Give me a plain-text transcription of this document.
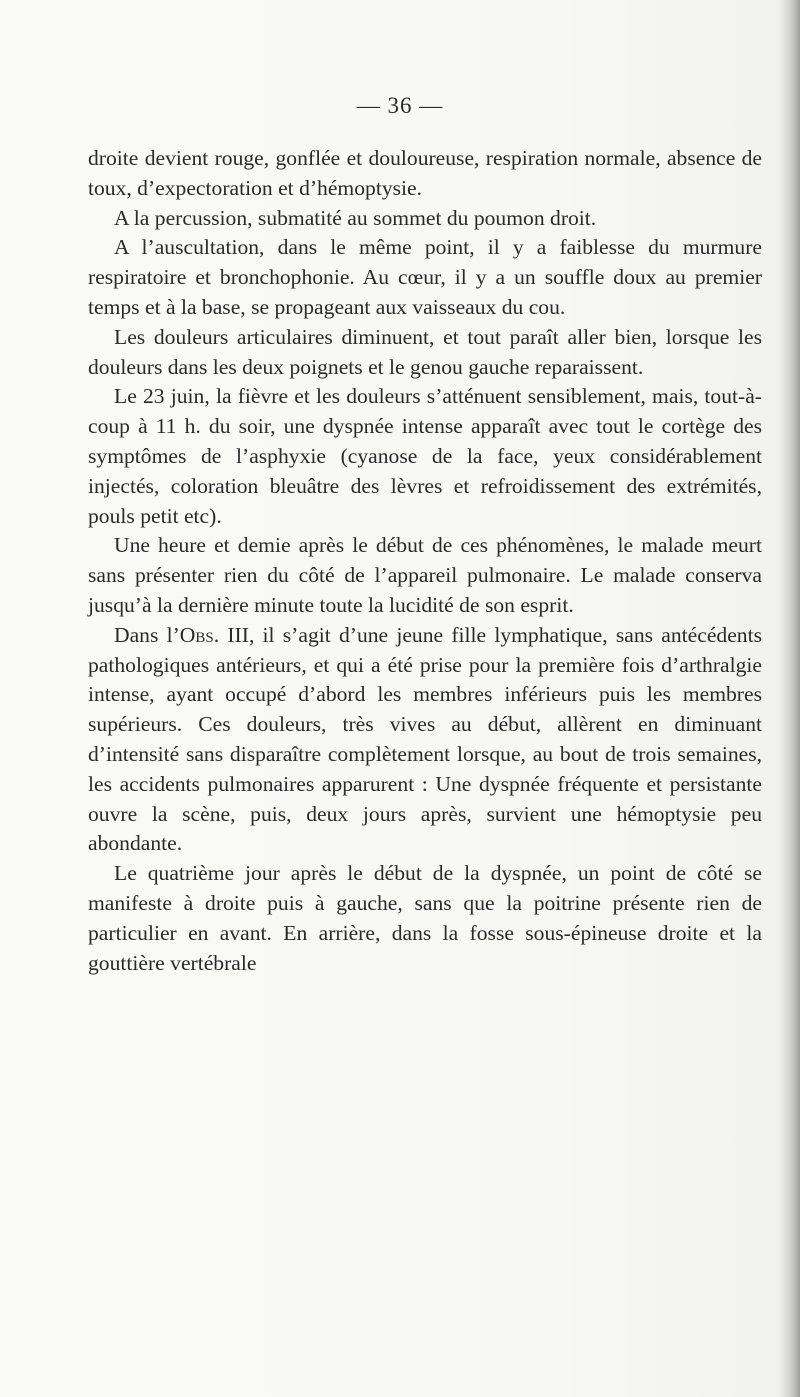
— 36 —

droite devient rouge, gonflée et douloureuse, respiration normale, absence de toux, d’expectoration et d’hémoptysie.

A la percussion, submatité au sommet du poumon droit.

A l’auscultation, dans le même point, il y a faiblesse du murmure respiratoire et bronchophonie. Au cœur, il y a un souffle doux au premier temps et à la base, se propageant aux vaisseaux du cou.

Les douleurs articulaires diminuent, et tout paraît aller bien, lorsque les douleurs dans les deux poignets et le genou gauche reparaissent.

Le 23 juin, la fièvre et les douleurs s’atténuent sensiblement, mais, tout-à-coup à 11 h. du soir, une dyspnée intense apparaît avec tout le cortège des symptômes de l’asphyxie (cyanose de la face, yeux considérablement injectés, coloration bleuâtre des lèvres et refroidissement des extrémités, pouls petit etc).

Une heure et demie après le début de ces phénomènes, le malade meurt sans présenter rien du côté de l’appareil pulmonaire. Le malade conserva jusqu’à la dernière minute toute la lucidité de son esprit.

Dans l’Obs. III, il s’agit d’une jeune fille lymphatique, sans antécédents pathologiques antérieurs, et qui a été prise pour la première fois d’arthralgie intense, ayant occupé d’abord les membres inférieurs puis les membres supérieurs. Ces douleurs, très vives au début, allèrent en diminuant d’intensité sans disparaître complètement lorsque, au bout de trois semaines, les accidents pulmonaires apparurent : Une dyspnée fréquente et persistante ouvre la scène, puis, deux jours après, survient une hémoptysie peu abondante.

Le quatrième jour après le début de la dyspnée, un point de côté se manifeste à droite puis à gauche, sans que la poitrine présente rien de particulier en avant. En arrière, dans la fosse sous-épineuse droite et la gouttière vertébrale
